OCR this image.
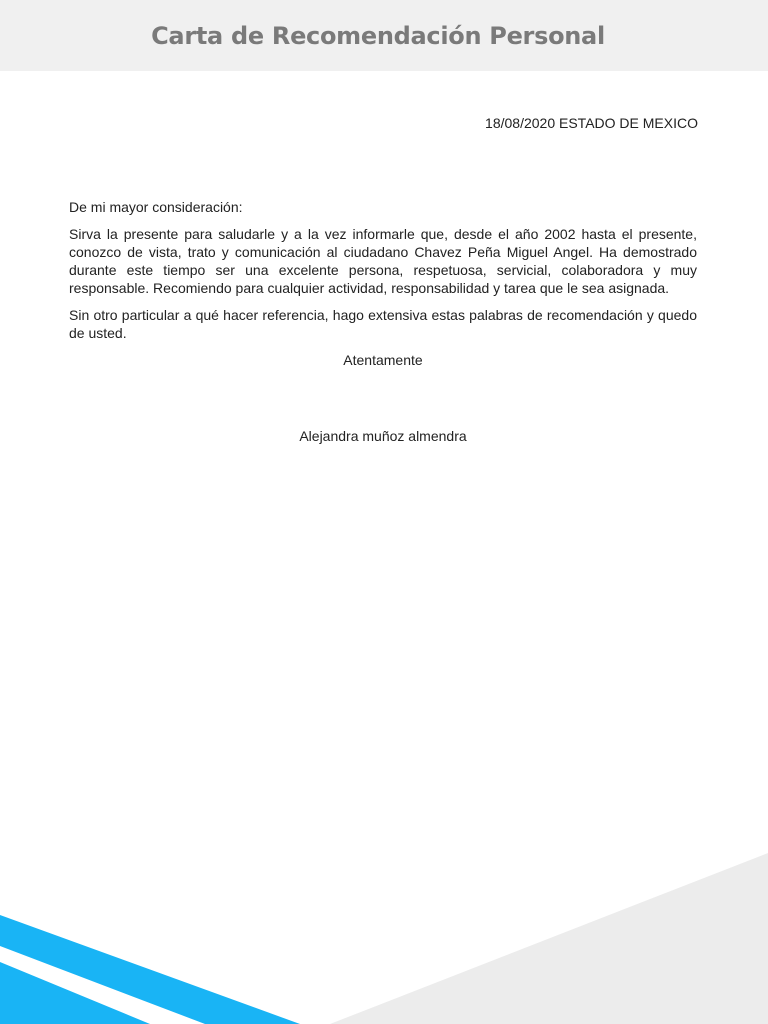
Carta de Recomendación Personal
18/08/2020 ESTADO DE MEXICO

De mi mayor consideración:

Sirva la presente para saludarle y a la vez informarle que, desde el año 2002 hasta el presente, conozco de vista, trato y comunicación al ciudadano Chavez Peña Miguel Angel. Ha demostrado durante este tiempo ser una excelente persona, respetuosa, servicial, colaboradora y muy responsable. Recomiendo para cualquier actividad, responsabilidad y tarea que le sea asignada.

Sin otro particular a qué hacer referencia, hago extensiva estas palabras de recomendación y quedo de usted.

Atentamente

Alejandra muñoz almendra
